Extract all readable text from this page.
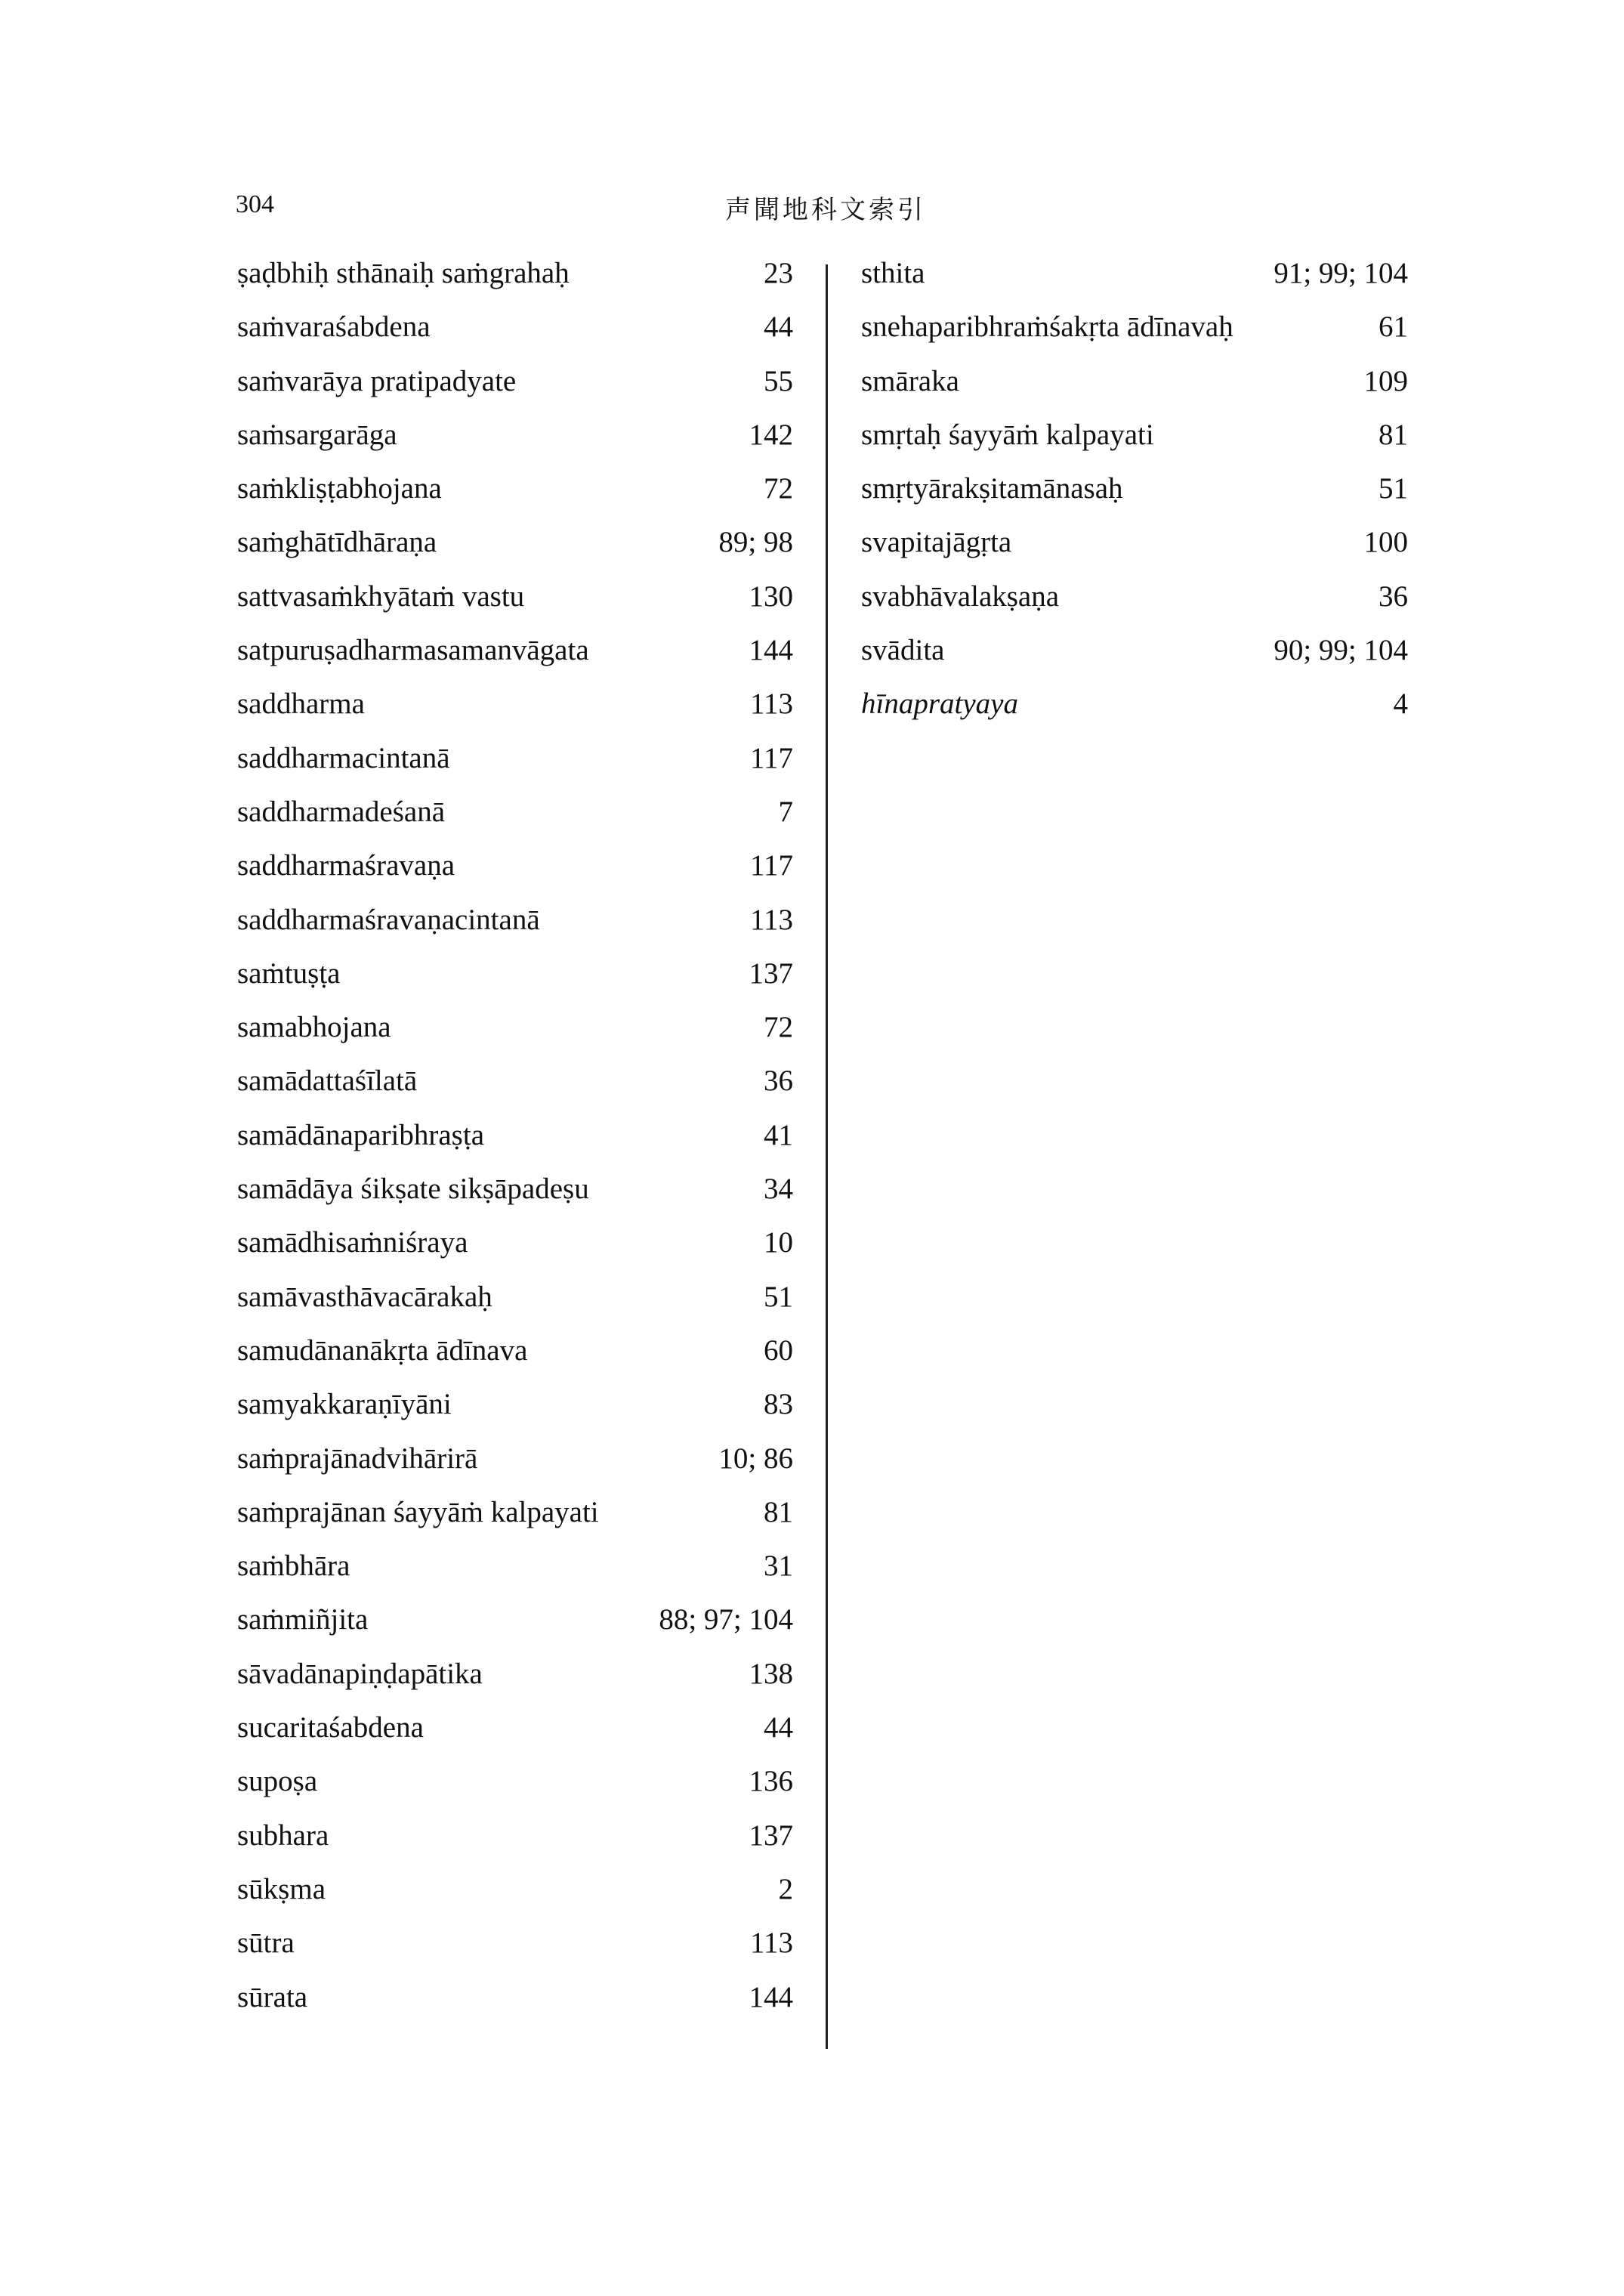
304	声聞地科文索引
ṣaḍbhiḥ sthānaiḥ saṁgrahaḥ	23
saṁvaraśabdena	44
saṁvarāya pratipadyate	55
saṁsargarāga	142
saṁkliṣṭabhojana	72
saṁghātīdhāraṇa	89; 98
sattvasaṁkhyātaṁ vastu	130
satpuruṣadharmasamanvāgata	144
saddharma	113
saddharmacintanā	117
saddharmadeśanā	7
saddharmaśravaṇa	117
saddharmaśravaṇacintanā	113
saṁtuṣṭa	137
samabhojana	72
samādattaśīlatā	36
samādānaparibhraṣṭa	41
samādāya śikṣate sikṣāpadeṣu	34
samādhisaṁniśraya	10
samāvasthāvacārakaḥ	51
samudānanākṛta ādīnava	60
samyakkaraṇīyāni	83
saṁprajānadvihārirā	10; 86
saṁprajānan śayyāṁ kalpayati	81
saṁbhāra	31
saṁmiñjita	88; 97; 104
sāvadānapiṇḍapātika	138
sucaritaśabdena	44
supoṣa	136
subhara	137
sūkṣma	2
sūtra	113
sūrata	144
sthita	91; 99; 104
snehaparibhraṁśakṛta ādīnavaḥ	61
smāraka	109
smṛtaḥ śayyāṁ kalpayati	81
smṛtyārakṣitamānasaḥ	51
svapitajāgṛta	100
svabhāvalakṣaṇa	36
svādita	90; 99; 104
hīnapratyaya	4
